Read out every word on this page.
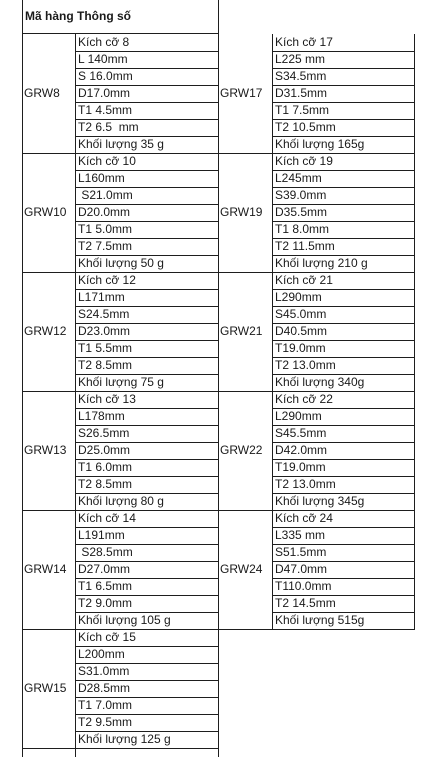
Mã hàng Thông số
GRW8
Kích cỡ 8
L 140mm
S 16.0mm
D17.0mm
T1 4.5mm
T2 6.5  mm
Khối lượng 35 g
GRW10
Kích cỡ 10
L160mm
S21.0mm
D20.0mm
T1 5.0mm
T2 7.5mm
Khối lượng 50 g
GRW12
Kích cỡ 12
L171mm
S24.5mm
D23.0mm
T1 5.5mm
T2 8.5mm
Khối lượng 75 g
GRW13
Kích cỡ 13
L178mm
S26.5mm
D25.0mm
T1 6.0mm
T2 8.5mm
Khối lượng 80 g
GRW14
Kích cỡ 14
L191mm
S28.5mm
D27.0mm
T1 6.5mm
T2 9.0mm
Khối lượng 105 g
GRW15
Kích cỡ 15
L200mm
S31.0mm
D28.5mm
T1 7.0mm
T2 9.5mm
Khối lượng 125 g
GRW17
Kích cỡ 17
L225 mm
S34.5mm
D31.5mm
T1 7.5mm
T2 10.5mm
Khối lượng 165g
GRW19
Kích cỡ 19
L245mm
S39.0mm
D35.5mm
T1 8.0mm
T2 11.5mm
Khối lượng 210 g
GRW21
Kích cỡ 21
L290mm
S45.0mm
D40.5mm
T19.0mm
T2 13.0mm
Khối lượng 340g
GRW22
Kích cỡ 22
L290mm
S45.5mm
D42.0mm
T19.0mm
T2 13.0mm
Khối lượng 345g
GRW24
Kích cỡ 24
L335 mm
S51.5mm
D47.0mm
T110.0mm
T2 14.5mm
Khối lượng 515g
